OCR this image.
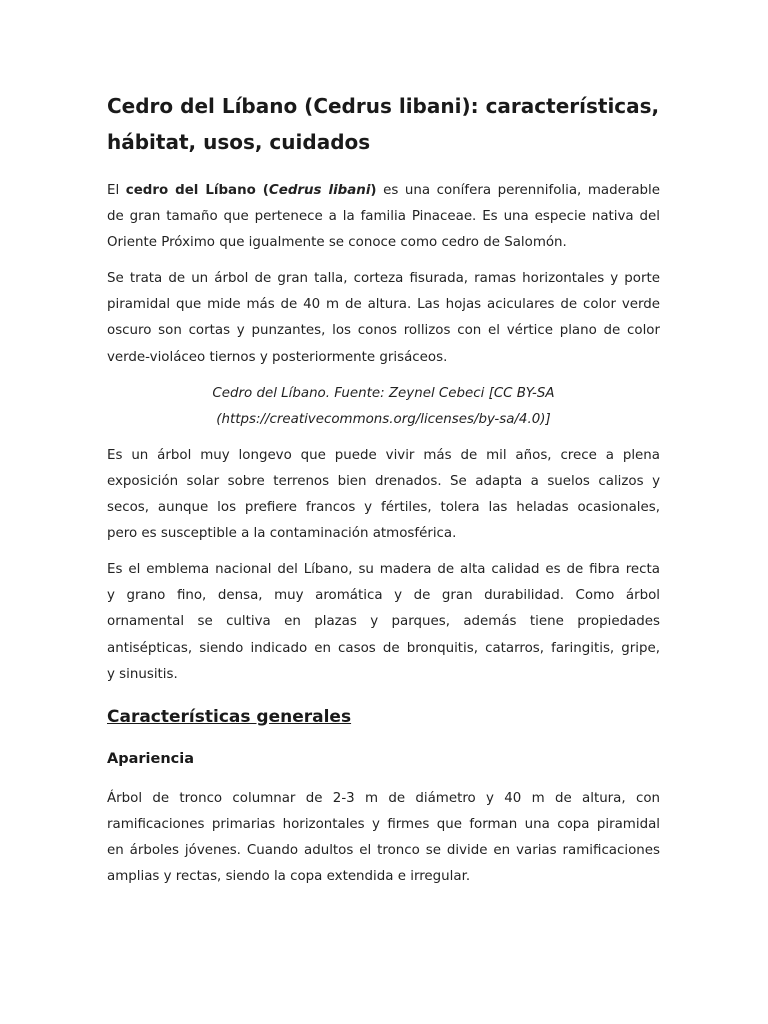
Cedro del Líbano (Cedrus libani): características,
hábitat, usos, cuidados
El cedro del Líbano (Cedrus libani) es una conífera perennifolia, maderable
de gran tamaño que pertenece a la familia Pinaceae. Es una especie nativa del
Oriente Próximo que igualmente se conoce como cedro de Salomón.
Se trata de un árbol de gran talla, corteza fisurada, ramas horizontales y porte
piramidal que mide más de 40 m de altura. Las hojas aciculares de color verde
oscuro son cortas y punzantes, los conos rollizos con el vértice plano de color
verde-violáceo tiernos y posteriormente grisáceos.
Cedro del Líbano. Fuente: Zeynel Cebeci [CC BY-SA
(https://creativecommons.org/licenses/by-sa/4.0)]
Es un árbol muy longevo que puede vivir más de mil años, crece a plena
exposición solar sobre terrenos bien drenados. Se adapta a suelos calizos y
secos, aunque los prefiere francos y fértiles, tolera las heladas ocasionales,
pero es susceptible a la contaminación atmosférica.
Es el emblema nacional del Líbano, su madera de alta calidad es de fibra recta
y grano fino, densa, muy aromática y de gran durabilidad. Como árbol
ornamental se cultiva en plazas y parques, además tiene propiedades
antisépticas, siendo indicado en casos de bronquitis, catarros, faringitis, gripe,
y sinusitis.
Características generales
Apariencia
Árbol de tronco columnar de 2-3 m de diámetro y 40 m de altura, con
ramificaciones primarias horizontales y firmes que forman una copa piramidal
en árboles jóvenes. Cuando adultos el tronco se divide en varias ramificaciones
amplias y rectas, siendo la copa extendida e irregular.
